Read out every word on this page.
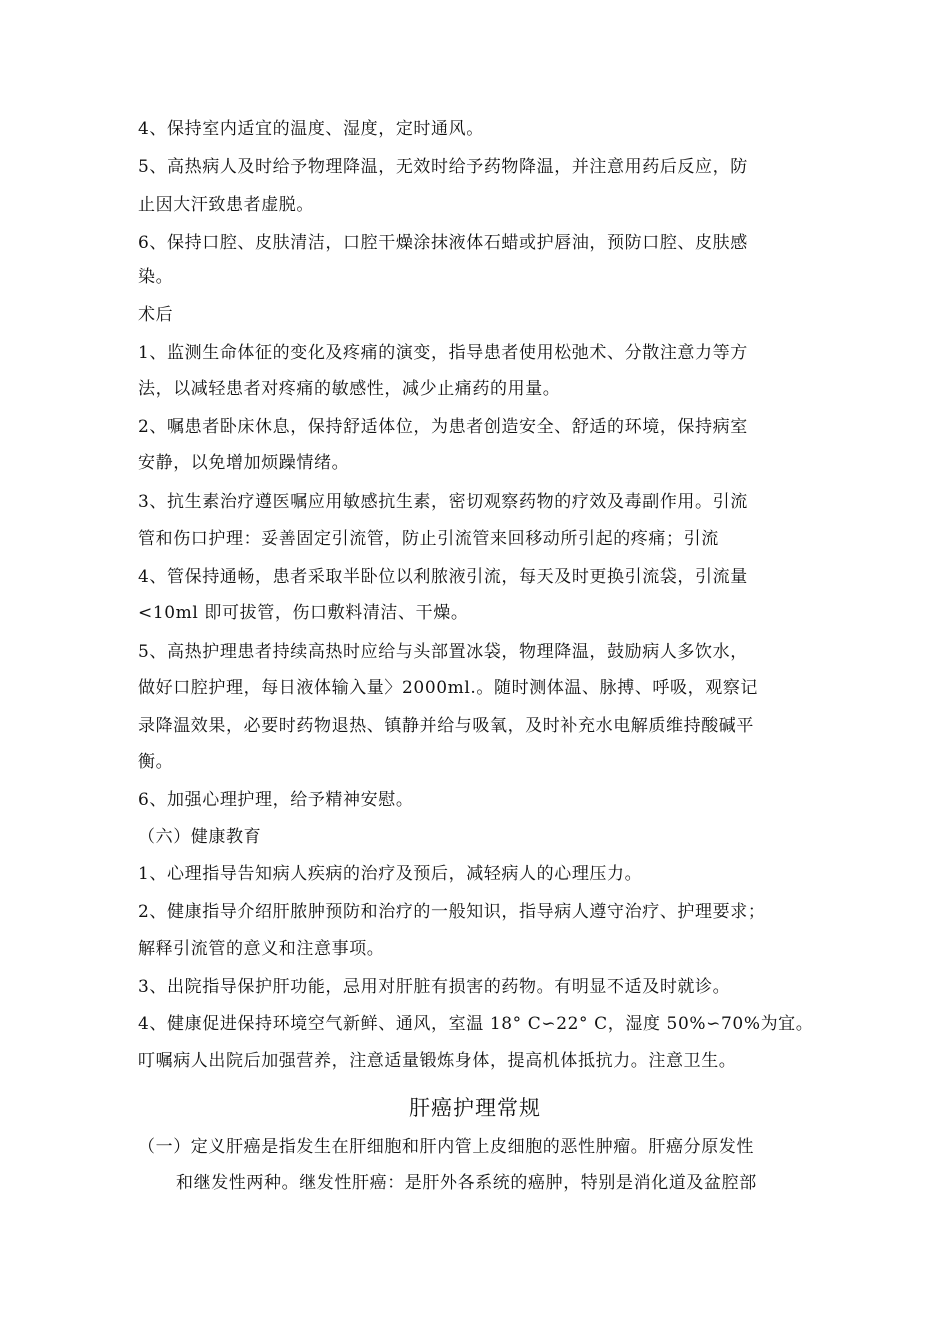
4、保持室内适宜的温度、湿度，定时通风。
5、高热病人及时给予物理降温，无效时给予药物降温，并注意用药后反应，防
止因大汗致患者虚脱。
6、保持口腔、皮肤清洁，口腔干燥涂抹液体石蜡或护唇油，预防口腔、皮肤感
染。
术后
1、监测生命体征的变化及疼痛的演变，指导患者使用松弛术、分散注意力等方
法，以减轻患者对疼痛的敏感性，减少止痛药的用量。
2、嘱患者卧床休息，保持舒适体位，为患者创造安全、舒适的环境，保持病室
安静，以免增加烦躁情绪。
3、抗生素治疗遵医嘱应用敏感抗生素，密切观察药物的疗效及毒副作用。引流
管和伤口护理：妥善固定引流管，防止引流管来回移动所引起的疼痛；引流
4、管保持通畅，患者采取半卧位以利脓液引流，每天及时更换引流袋，引流量
<10ml 即可拔管，伤口敷料清洁、干燥。
5、高热护理患者持续高热时应给与头部置冰袋，物理降温，鼓励病人多饮水，
做好口腔护理，每日液体输入量〉2000ml.。随时测体温、脉搏、呼吸，观察记
录降温效果，必要时药物退热、镇静并给与吸氧，及时补充水电解质维持酸碱平
衡。
6、加强心理护理，给予精神安慰。
（六）健康教育
1、心理指导告知病人疾病的治疗及预后，减轻病人的心理压力。
2、健康指导介绍肝脓肿预防和治疗的一般知识，指导病人遵守治疗、护理要求；
解释引流管的意义和注意事项。
3、出院指导保护肝功能，忌用对肝脏有损害的药物。有明显不适及时就诊。
4、健康促进保持环境空气新鲜、通风，室温 18° C∽22° C，湿度 50%∽70%为宜。
叮嘱病人出院后加强营养，注意适量锻炼身体，提高机体抵抗力。注意卫生。
肝癌护理常规
（一）定义肝癌是指发生在肝细胞和肝内管上皮细胞的恶性肿瘤。肝癌分原发性
和继发性两种。继发性肝癌：是肝外各系统的癌肿，特别是消化道及盆腔部
